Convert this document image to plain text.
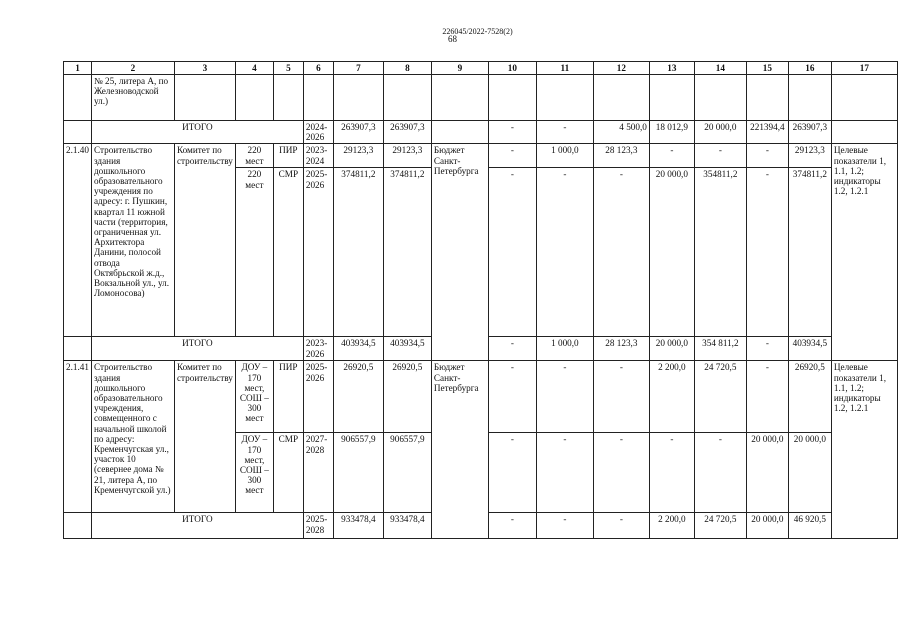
226045/2022-7528(2)
68
1	2	3	4	5	6	7	8	9	10	11	12	13	14	15	16	17
	№ 25, литера А, по Железноводской ул.)															
	ИТОГО				2024-2026	263907,3	263907,3		-	-	4 500,0	18 012,9	20 000,0	221394,4	263907,3	
2.1.40	Строительство здания дошкольного образовательного учреждения по адресу: г. Пушкин, квартал 11 южной части (территория, ограниченная ул. Архитектора Данини, полосой отвода Октябрьской ж.д., Вокзальной ул., ул. Ломоносова)	Комитет по строительству	220 мест	ПИР	2023-2024	29123,3	29123,3	Бюджет Санкт-Петербурга	-	1 000,0	28 123,3	-	-	-	29123,3	Целевые показатели 1, 1.1, 1.2; индикаторы 1.2, 1.2.1
			220 мест	СМР	2025-2026	374811,2	374811,2		-	-	-	20 000,0	354811,2	-	374811,2	
	ИТОГО				2023-2026	403934,5	403934,5		-	1 000,0	28 123,3	20 000,0	354 811,2	-	403934,5	
2.1.41	Строительство здания дошкольного образовательного учреждения, совмещенного с начальной школой по адресу: Кременчугская ул., участок 10 (севернее дома № 21, литера А, по Кременчугской ул.)	Комитет по строительству	ДОУ – 170 мест, СОШ – 300 мест	ПИР	2025-2026	26920,5	26920,5	Бюджет Санкт-Петербурга	-	-	-	2 200,0	24 720,5	-	26920,5	Целевые показатели 1, 1.1, 1.2; индикаторы 1.2, 1.2.1
			ДОУ – 170 мест, СОШ – 300 мест	СМР	2027-2028	906557,9	906557,9		-	-	-	-	-	20 000,0	20 000,0	
	ИТОГО				2025-2028	933478,4	933478,4		-	-	-	2 200,0	24 720,5	20 000,0	46 920,5	
